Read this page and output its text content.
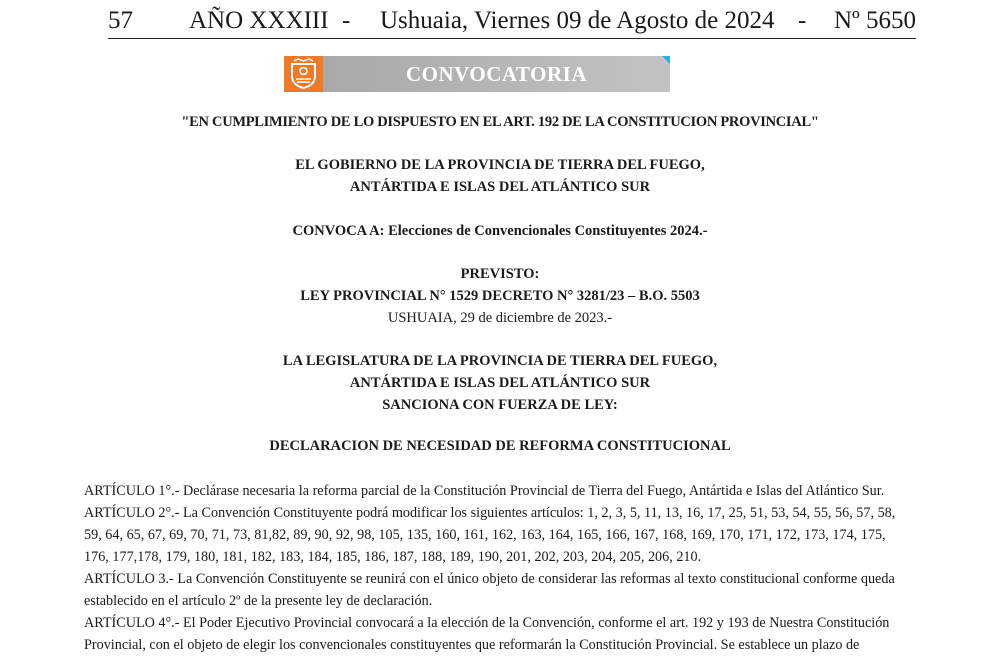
57 AÑO XXXIII - Ushuaia, Viernes 09 de Agosto de 2024 - Nº 5650
CONVOCATORIA
"EN CUMPLIMIENTO DE LO DISPUESTO EN EL ART. 192 DE LA CONSTITUCION PROVINCIAL"
EL GOBIERNO DE LA PROVINCIA DE TIERRA DEL FUEGO,
ANTÁRTIDA E ISLAS DEL ATLÁNTICO SUR
CONVOCA A: Elecciones de Convencionales Constituyentes 2024.-
PREVISTO:
LEY PROVINCIAL N° 1529 DECRETO N° 3281/23 – B.O. 5503
USHUAIA, 29 de diciembre de 2023.-
LA LEGISLATURA DE LA PROVINCIA DE TIERRA DEL FUEGO,
ANTÁRTIDA E ISLAS DEL ATLÁNTICO SUR
SANCIONA CON FUERZA DE LEY:
DECLARACION DE NECESIDAD DE REFORMA CONSTITUCIONAL
ARTÍCULO 1°.- Declárase necesaria la reforma parcial de la Constitución Provincial de Tierra del Fuego, Antártida e Islas del Atlántico Sur.
ARTÍCULO 2°.- La Convención Constituyente podrá modificar los siguientes artículos: 1, 2, 3, 5, 11, 13, 16, 17, 25, 51, 53, 54, 55, 56, 57, 58,
59, 64, 65, 67, 69, 70, 71, 73, 81,82, 89, 90, 92, 98, 105, 135, 160, 161, 162, 163, 164, 165, 166, 167, 168, 169, 170, 171, 172, 173, 174, 175,
176, 177,178, 179, 180, 181, 182, 183, 184, 185, 186, 187, 188, 189, 190, 201, 202, 203, 204, 205, 206, 210.
ARTÍCULO 3.- La Convención Constituyente se reunirá con el único objeto de considerar las reformas al texto constitucional conforme queda
establecido en el artículo 2º de la presente ley de declaración.
ARTÍCULO 4°.- El Poder Ejecutivo Provincial convocará a la elección de la Convención, conforme el art. 192 y 193 de Nuestra Constitución
Provincial, con el objeto de elegir los convencionales constituyentes que reformarán la Constitución Provincial. Se establece un plazo de
